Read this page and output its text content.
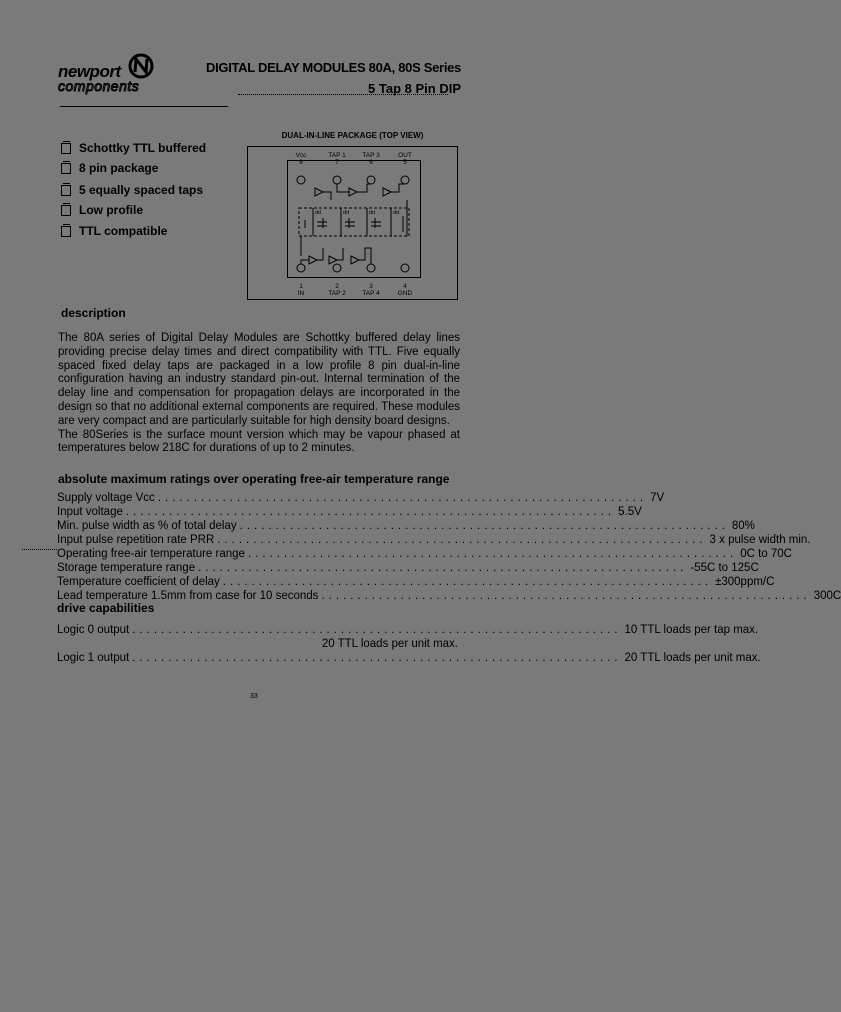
newport
components
DIGITAL DELAY MODULES 80A, 80S Series
5 Tap 8 Pin DIP
Schottky TTL buffered
8 pin package
5 equally spaced taps
Low profile
TTL compatible
DUAL-IN-LINE PACKAGE (TOP VIEW)
Vcc
8
TAP 1
7
TAP 3
6
OUT
5
1
IN
2
TAP 2
3
TAP 4
4
GND
dd	dd	dd	dd
description

The 80A series of Digital Delay Modules are Schottky buffered delay lines providing precise delay times and direct compatibility with TTL. Five equally spaced fixed delay taps are packaged in a low profile 8 pin dual-in-line configuration having an industry standard pin-out. Internal termination of the delay line and compensation for propagation delays are incorporated in the design so that no additional external components are required. These modules are very compact and are particularly suitable for high density board designs.

The 80Series is the surface mount version which may be vapour phased at temperatures below 218C for durations of up to 2 minutes.

absolute maximum ratings over operating free-air temperature range
Supply voltage Vcc .................................................................... 7V
Input voltage .................................................................... 5.5V
Min. pulse width as % of total delay .................................................................... 80%
Input pulse repetition rate PRR .................................................................... 3 x pulse width min.
Operating free-air temperature range .................................................................... 0C to 70C
Storage temperature range .................................................................... -55C to 125C
Temperature coefficient of delay .................................................................... ±300ppm/C
Lead temperature 1.5mm from case for 10 seconds .................................................................... 300C
drive capabilities
Logic 0 output .................................................................... 10 TTL loads per tap max.
20 TTL loads per unit max.
Logic 1 output .................................................................... 20 TTL loads per unit max.
33
